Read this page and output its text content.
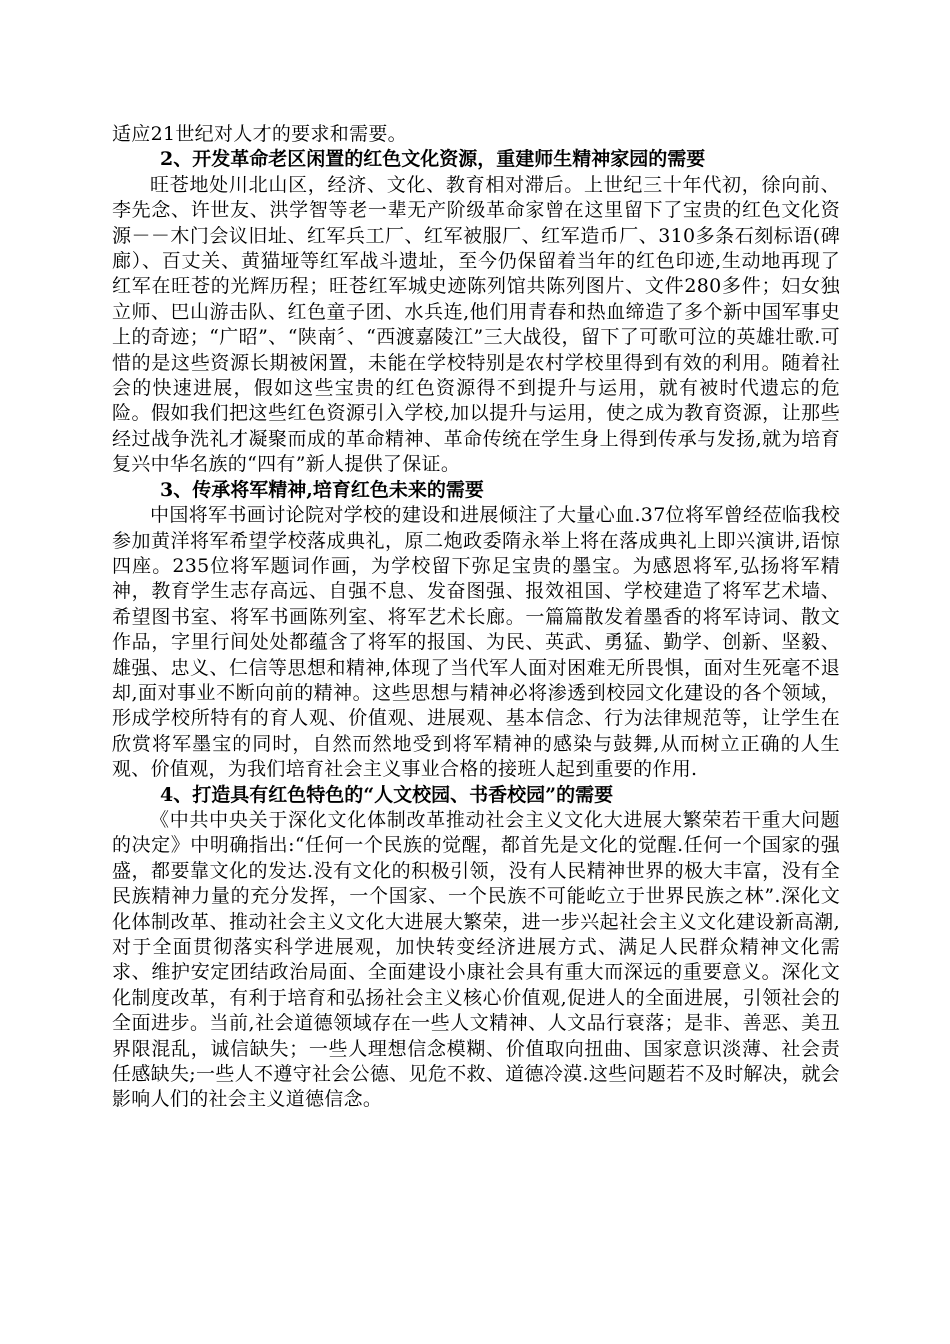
适应21世纪对人才的要求和需要。

2、开发革命老区闲置的红色文化资源，重建师生精神家园的需要

旺苍地处川北山区，经济、文化、教育相对滞后。上世纪三十年代初，徐向前、李先念、许世友、洪学智等老一辈无产阶级革命家曾在这里留下了宝贵的红色文化资源－－木门会议旧址、红军兵工厂、红军被服厂、红军造币厂、310多条石刻标语(碑廊）、百丈关、黄猫垭等红军战斗遗址，至今仍保留着当年的红色印迹,生动地再现了红军在旺苍的光辉历程；旺苍红军城史迹陈列馆共陈列图片、文件280多件；妇女独立师、巴山游击队、红色童子团、水兵连,他们用青春和热血缔造了多个新中国军事史上的奇迹；“广昭”、“陕南〞、“西渡嘉陵江”三大战役，留下了可歌可泣的英雄壮歌.可惜的是这些资源长期被闲置，未能在学校特别是农村学校里得到有效的利用。随着社会的快速进展，假如这些宝贵的红色资源得不到提升与运用，就有被时代遗忘的危险。假如我们把这些红色资源引入学校,加以提升与运用，使之成为教育资源，让那些经过战争洗礼才凝聚而成的革命精神、革命传统在学生身上得到传承与发扬,就为培育复兴中华名族的“四有”新人提供了保证。

3、传承将军精神,培育红色未来的需要

中国将军书画讨论院对学校的建设和进展倾注了大量心血.37位将军曾经莅临我校参加黄洋将军希望学校落成典礼，原二炮政委隋永举上将在落成典礼上即兴演讲,语惊四座。235位将军题词作画，为学校留下弥足宝贵的墨宝。为感恩将军,弘扬将军精神，教育学生志存高远、自强不息、发奋图强、报效祖国、学校建造了将军艺术墙、希望图书室、将军书画陈列室、将军艺术长廊。一篇篇散发着墨香的将军诗词、散文作品，字里行间处处都蕴含了将军的报国、为民、英武、勇猛、勤学、创新、坚毅、雄强、忠义、仁信等思想和精神,体现了当代军人面对困难无所畏惧，面对生死毫不退却,面对事业不断向前的精神。这些思想与精神必将渗透到校园文化建设的各个领域，形成学校所特有的育人观、价值观、进展观、基本信念、行为法律规范等，让学生在欣赏将军墨宝的同时，自然而然地受到将军精神的感染与鼓舞,从而树立正确的人生观、价值观，为我们培育社会主义事业合格的接班人起到重要的作用.

4、打造具有红色特色的“人文校园、书香校园”的需要

《中共中央关于深化文化体制改革推动社会主义文化大进展大繁荣若干重大问题的决定》中明确指出:“任何一个民族的觉醒，都首先是文化的觉醒.任何一个国家的强盛，都要靠文化的发达.没有文化的积极引领，没有人民精神世界的极大丰富，没有全民族精神力量的充分发挥，一个国家、一个民族不可能屹立于世界民族之林”.深化文化体制改革、推动社会主义文化大进展大繁荣，进一步兴起社会主义文化建设新高潮,对于全面贯彻落实科学进展观，加快转变经济进展方式、满足人民群众精神文化需求、维护安定团结政治局面、全面建设小康社会具有重大而深远的重要意义。深化文化制度改革，有利于培育和弘扬社会主义核心价值观,促进人的全面进展，引领社会的全面进步。当前,社会道德领域存在一些人文精神、人文品行衰落；是非、善恶、美丑界限混乱，诚信缺失；一些人理想信念模糊、价值取向扭曲、国家意识淡薄、社会责任感缺失;一些人不遵守社会公德、见危不救、道德冷漠.这些问题若不及时解决，就会影响人们的社会主义道德信念。
